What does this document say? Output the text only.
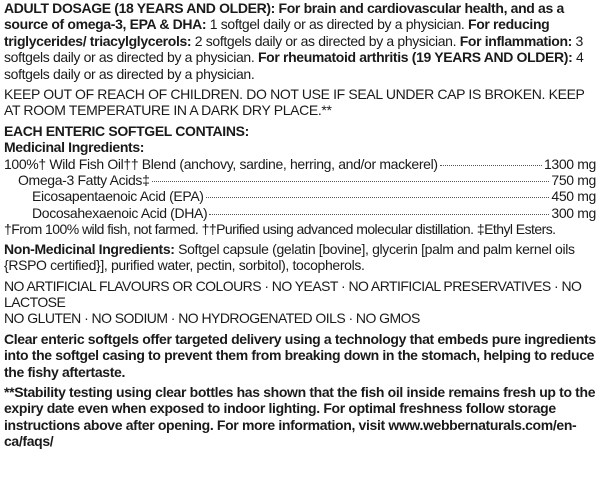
ADULT DOSAGE (18 YEARS AND OLDER): For brain and cardiovascular health, and as a source of omega-3, EPA & DHA: 1 softgel daily or as directed by a physician. For reducing triglycerides/ triacylglycerols: 2 softgels daily or as directed by a physician. For inflammation: 3 softgels daily or as directed by a physician. For rheumatoid arthritis (19 YEARS AND OLDER): 4 softgels daily or as directed by a physician.

KEEP OUT OF REACH OF CHILDREN. DO NOT USE IF SEAL UNDER CAP IS BROKEN. KEEP AT ROOM TEMPERATURE IN A DARK DRY PLACE.**

EACH ENTERIC SOFTGEL CONTAINS:

Medicinal Ingredients:

100%† Wild Fish Oil†† Blend (anchovy, sardine, herring, and/or mackerel)	1300 mg
Omega-3 Fatty Acids‡	750 mg
Eicosapentaenoic Acid (EPA)	450 mg
Docosahexaenoic Acid (DHA)	300 mg

†From 100% wild fish, not farmed. ††Purified using advanced molecular distillation. ‡Ethyl Esters.

Non-Medicinal Ingredients: Softgel capsule (gelatin [bovine], glycerin [palm and palm kernel oils {RSPO certified}], purified water, pectin, sorbitol), tocopherols.

NO ARTIFICIAL FLAVOURS OR COLOURS · NO YEAST · NO ARTIFICIAL PRESERVATIVES · NO LACTOSE

NO GLUTEN · NO SODIUM · NO HYDROGENATED OILS · NO GMOS

Clear enteric softgels offer targeted delivery using a technology that embeds pure ingredients into the softgel casing to prevent them from breaking down in the stomach, helping to reduce the fishy aftertaste.

**Stability testing using clear bottles has shown that the fish oil inside remains fresh up to the expiry date even when exposed to indoor lighting. For optimal freshness follow storage instructions above after opening. For more information, visit www.webbernaturals.com/en-ca/faqs/
